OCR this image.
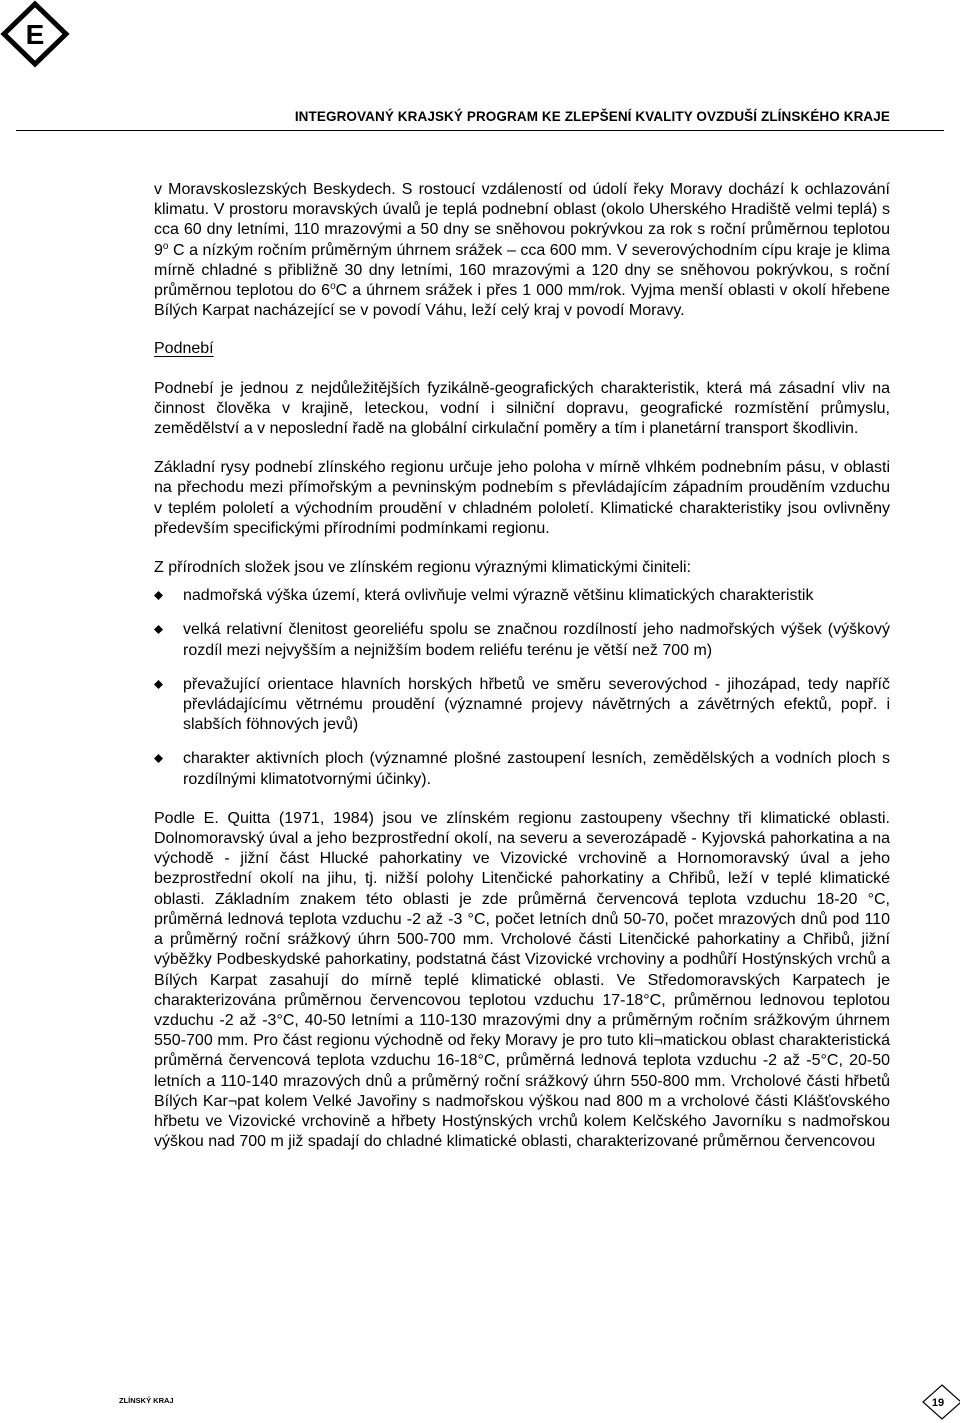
E
INTEGROVANÝ KRAJSKÝ PROGRAM KE ZLEPŠENÍ KVALITY OVZDUŠÍ ZLÍNSKÉHO KRAJE

v Moravskoslezských Beskydech. S rostoucí vzdáleností od údolí řeky Moravy dochází k ochlazování klimatu. V prostoru moravských úvalů je teplá podnební oblast (okolo Uherského Hradiště velmi teplá) s cca 60 dny letními, 110 mrazovými a 50 dny se sněhovou pokrývkou za rok s roční průměrnou teplotou 9$^o$ C a nízkým ročním průměrným úhrnem srážek – cca 600 mm. V severovýchodním cípu kraje je klima mírně chladné s přibližně 30 dny letními, 160 mrazovými a 120 dny se sněhovou pokrývkou, s roční průměrnou teplotou do 6$^o$C a úhrnem srážek i přes 1 000 mm/rok. Vyjma menší oblasti v okolí hřebene Bílých Karpat nacházející se v povodí Váhu, leží celý kraj v povodí Moravy.

Podnebí

Podnebí je jednou z nejdůležitějších fyzikálně-geografických charakteristik, která má zásadní vliv na činnost člověka v krajině, leteckou, vodní i silniční dopravu, geografické rozmístění průmyslu, zemědělství a v neposlední řadě na globální cirkulační poměry a tím i planetární transport škodlivin.

Základní rysy podnebí zlínského regionu určuje jeho poloha v mírně vlhkém podnebním pásu, v oblasti na přechodu mezi přímořským a pevninským podnebím s převládajícím západním prouděním vzduchu v teplém pololetí a východním proudění v chladném pololetí. Klimatické charakteristiky jsou ovlivněny především specifickými přírodními podmínkami regionu.

Z přírodních složek jsou ve zlínském regionu výraznými klimatickými činiteli:

nadmořská výška území, která ovlivňuje velmi výrazně většinu klimatických charakteristik
velká relativní členitost georeliéfu spolu se značnou rozdílností jeho nadmořských výšek (výškový rozdíl mezi nejvyšším a nejnižším bodem reliéfu terénu je větší než 700 m)
převažující orientace hlavních horských hřbetů ve směru severovýchod - jihozápad, tedy napříč převládajícímu větrnému proudění (významné projevy návětrných a závětrných efektů, popř. i slabších föhnových jevů)
charakter aktivních ploch (významné plošné zastoupení lesních, zemědělských a vodních ploch s rozdílnými klimatotvornými účinky).

Podle E. Quitta (1971, 1984) jsou ve zlínském regionu zastoupeny všechny tři klimatické oblasti. Dolnomoravský úval a jeho bezprostřední okolí, na severu a severozápadě - Kyjovská pahorkatina a na východě - jižní část Hlucké pahorkatiny ve Vizovické vrchovině a Hornomoravský úval a jeho bezprostřední okolí na jihu, tj. nižší polohy Litenčické pahorkatiny a Chřibů, leží v teplé klimatické oblasti. Základním znakem této oblasti je zde průměrná červencová teplota vzduchu 18-20 °C, průměrná lednová teplota vzduchu -2 až -3 °C, počet letních dnů 50-70, počet mrazových dnů pod 110 a průměrný roční srážkový úhrn 500-700 mm. Vrcholové části Litenčické pahorkatiny a Chřibů, jižní výběžky Podbeskydské pahorkatiny, podstatná část Vizovické vrchoviny a podhůří Hostýnských vrchů a Bílých Karpat zasahují do mírně teplé klimatické oblasti. Ve Středomoravských Karpatech je charakterizována průměrnou červencovou teplotou vzduchu 17-18°C, průměrnou lednovou teplotou vzduchu -2 až -3°C, 40-50 letními a 110-130 mrazovými dny a průměrným ročním srážkovým úhrnem 550-700 mm. Pro část regionu východně od řeky Moravy je pro tuto kli¬matickou oblast charakteristická průměrná červencová teplota vzduchu 16-18°C, průměrná lednová teplota vzduchu -2 až -5°C, 20-50 letních a 110-140 mrazových dnů a průměrný roční srážkový úhrn 550-800 mm. Vrcholové části hřbetů Bílých Kar¬pat kolem Velké Javořiny s nadmořskou výškou nad 800 m a vrcholové části Klášťovského hřbetu ve Vizovické vrchovině a hřbety Hostýnských vrchů kolem Kelčského Javorníku s nadmořskou výškou nad 700 m již spadají do chladné klimatické oblasti, charakterizované průměrnou červencovou

ZLÍNSKÝ KRAJ	19
